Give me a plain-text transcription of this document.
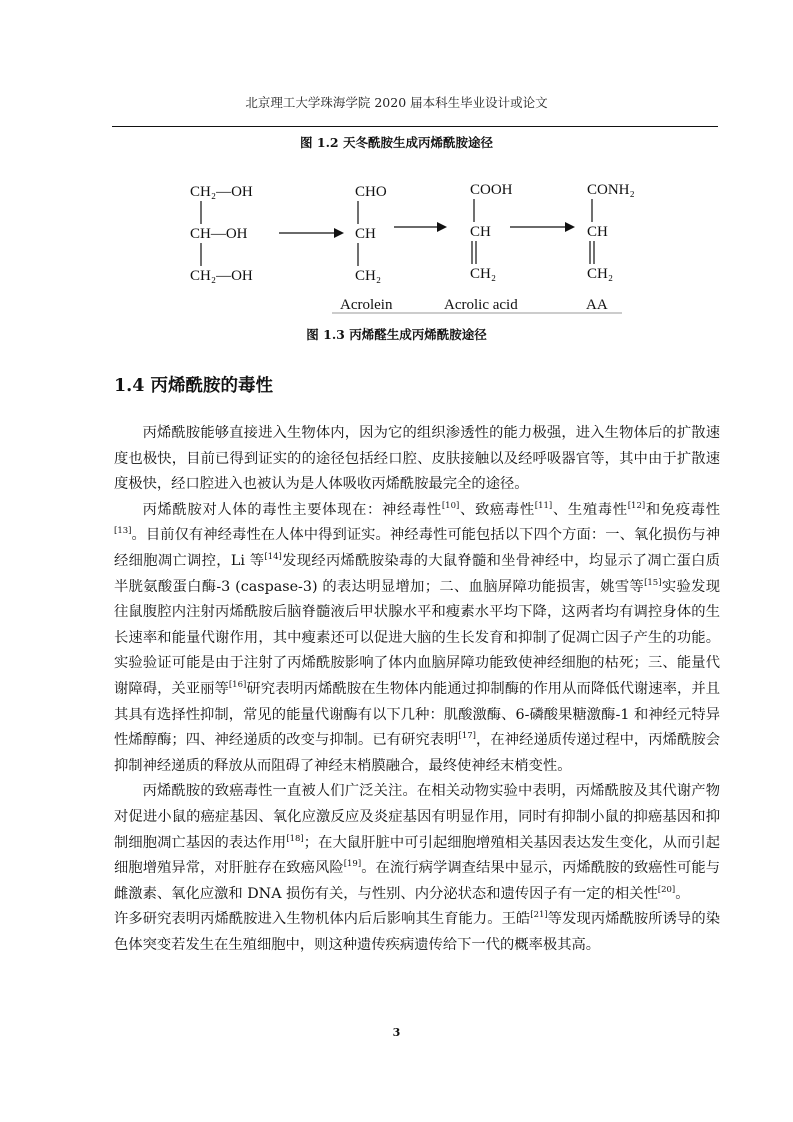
北京理工大学珠海学院 2020 届本科生毕业设计或论文
图 1.2 天冬酰胺生成丙烯酰胺途径
CH₂—OH
CH—OH
CH₂—OH
CHO
CH
CH₂
Acrolein
COOH
CH
CH₂
Acrolic acid
CONH₂
CH
CH₂
AA
图 1.3 丙烯醛生成丙烯酰胺途径
1.4 丙烯酰胺的毒性

丙烯酰胺能够直接进入生物体内，因为它的组织渗透性的能力极强，进入生物体后的扩散速度也极快，目前已得到证实的的途径包括经口腔、皮肤接触以及经呼吸器官等，其中由于扩散速度极快，经口腔进入也被认为是人体吸收丙烯酰胺最完全的途径。

丙烯酰胺对人体的毒性主要体现在：神经毒性[10]、致癌毒性[11]、生殖毒性[12]和免疫毒性[13]。目前仅有神经毒性在人体中得到证实。神经毒性可能包括以下四个方面：一、氧化损伤与神经细胞凋亡调控，Li 等[14]发现经丙烯酰胺染毒的大鼠脊髓和坐骨神经中，均显示了凋亡蛋白质半胱氨酸蛋白酶-3 (caspase-3) 的表达明显增加；二、血脑屏障功能损害，姚雪等[15]实验发现往鼠腹腔内注射丙烯酰胺后脑脊髓液后甲状腺水平和瘦素水平均下降，这两者均有调控身体的生长速率和能量代谢作用，其中瘦素还可以促进大脑的生长发育和抑制了促凋亡因子产生的功能。实验验证可能是由于注射了丙烯酰胺影响了体内血脑屏障功能致使神经细胞的枯死；三、能量代谢障碍，关亚丽等[16]研究表明丙烯酰胺在生物体内能通过抑制酶的作用从而降低代谢速率，并且其具有选择性抑制，常见的能量代谢酶有以下几种：肌酸激酶、6-磷酸果糖激酶-1 和神经元特异性烯醇酶；四、神经递质的改变与抑制。已有研究表明[17]，在神经递质传递过程中，丙烯酰胺会抑制神经递质的释放从而阻碍了神经末梢膜融合，最终使神经末梢变性。

丙烯酰胺的致癌毒性一直被人们广泛关注。在相关动物实验中表明，丙烯酰胺及其代谢产物对促进小鼠的癌症基因、氧化应激反应及炎症基因有明显作用，同时有抑制小鼠的抑癌基因和抑制细胞凋亡基因的表达作用[18]；在大鼠肝脏中可引起细胞增殖相关基因表达发生变化，从而引起细胞增殖异常，对肝脏存在致癌风险[19]。在流行病学调查结果中显示，丙烯酰胺的致癌性可能与雌激素、氧化应激和 DNA 损伤有关，与性别、内分泌状态和遗传因子有一定的相关性[20]。

许多研究表明丙烯酰胺进入生物机体内后后影响其生育能力。王皓[21]等发现丙烯酰胺所诱导的染色体突变若发生在生殖细胞中，则这种遗传疾病遗传给下一代的概率极其高。

3
